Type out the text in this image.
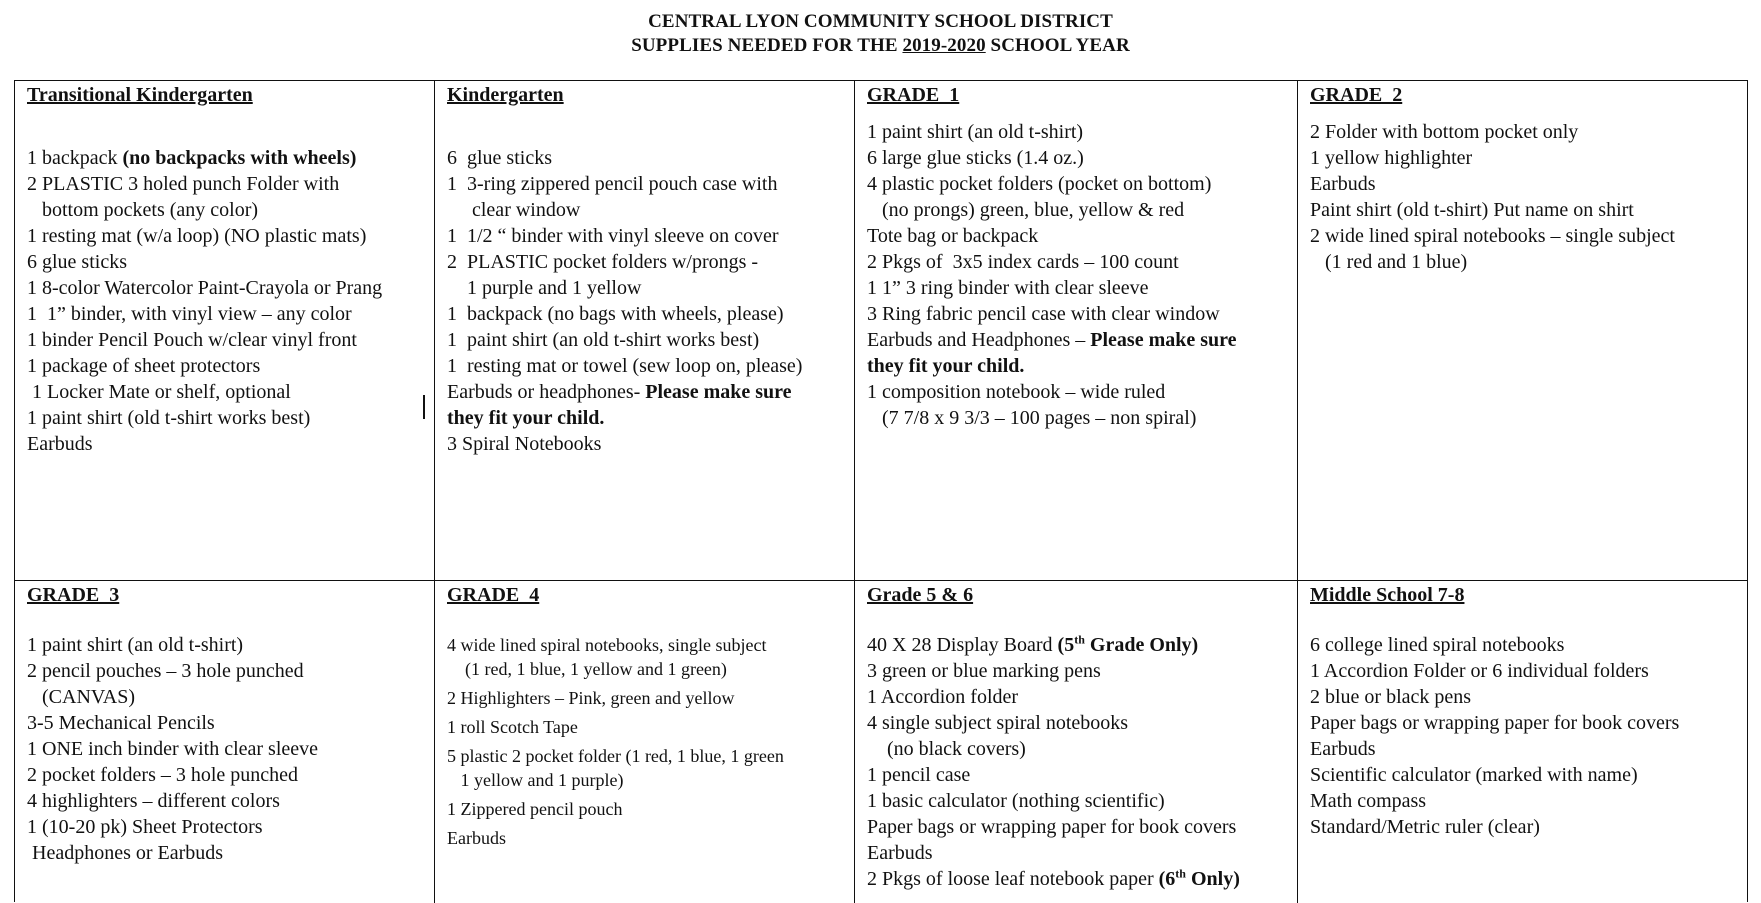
CENTRAL LYON COMMUNITY SCHOOL DISTRICT
SUPPLIES NEEDED FOR THE 2019-2020 SCHOOL YEAR
Transitional Kindergarten
1 backpack (no backpacks with wheels)
2 PLASTIC 3 holed punch Folder with
bottom pockets (any color)
1 resting mat (w/a loop) (NO plastic mats)
6 glue sticks
1 8-color Watercolor Paint-Crayola or Prang
1  1” binder, with vinyl view – any color
1 binder Pencil Pouch w/clear vinyl front
1 package of sheet protectors
1 Locker Mate or shelf, optional
1 paint shirt (old t-shirt works best)
Earbuds
Kindergarten
6  glue sticks
1  3-ring zippered pencil pouch case with
clear window
1  1/2 “ binder with vinyl sleeve on cover
2  PLASTIC pocket folders w/prongs -
1 purple and 1 yellow
1  backpack (no bags with wheels, please)
1  paint shirt (an old t-shirt works best)
1  resting mat or towel (sew loop on, please)
Earbuds or headphones- Please make sure
they fit your child.
3 Spiral Notebooks
GRADE  1
1 paint shirt (an old t-shirt)
6 large glue sticks (1.4 oz.)
4 plastic pocket folders (pocket on bottom)
(no prongs) green, blue, yellow & red
Tote bag or backpack
2 Pkgs of  3x5 index cards – 100 count
1 1” 3 ring binder with clear sleeve
3 Ring fabric pencil case with clear window
Earbuds and Headphones – Please make sure
they fit your child.
1 composition notebook – wide ruled
(7 7/8 x 9 3/3 – 100 pages – non spiral)
GRADE  2
2 Folder with bottom pocket only
1 yellow highlighter
Earbuds
Paint shirt (old t-shirt) Put name on shirt
2 wide lined spiral notebooks – single subject
(1 red and 1 blue)
GRADE  3
1 paint shirt (an old t-shirt)
2 pencil pouches – 3 hole punched
(CANVAS)
3-5 Mechanical Pencils
1 ONE inch binder with clear sleeve
2 pocket folders – 3 hole punched
4 highlighters – different colors
1 (10-20 pk) Sheet Protectors
Headphones or Earbuds
GRADE  4
4 wide lined spiral notebooks, single subject
(1 red, 1 blue, 1 yellow and 1 green)
2 Highlighters – Pink, green and yellow
1 roll Scotch Tape
5 plastic 2 pocket folder (1 red, 1 blue, 1 green
1 yellow and 1 purple)
1 Zippered pencil pouch
Earbuds
Grade 5 & 6
40 X 28 Display Board (5th Grade Only)
3 green or blue marking pens
1 Accordion folder
4 single subject spiral notebooks
(no black covers)
1 pencil case
1 basic calculator (nothing scientific)
Paper bags or wrapping paper for book covers
Earbuds
2 Pkgs of loose leaf notebook paper (6th Only)
Middle School 7-8
6 college lined spiral notebooks
1 Accordion Folder or 6 individual folders
2 blue or black pens
Paper bags or wrapping paper for book covers
Earbuds
Scientific calculator (marked with name)
Math compass
Standard/Metric ruler (clear)
